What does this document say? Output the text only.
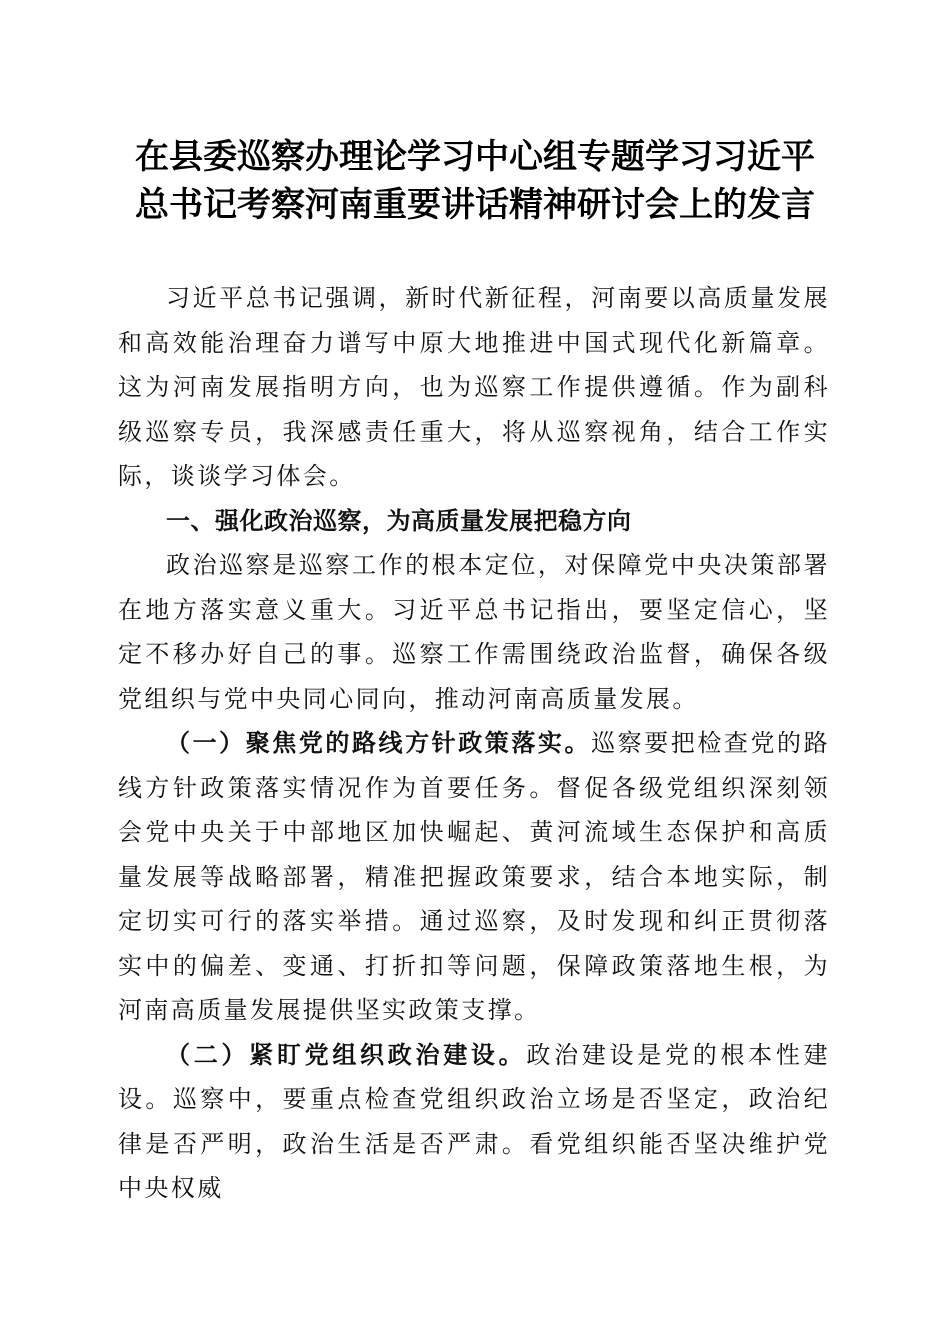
在县委巡察办理论学习中心组专题学习习近平
总书记考察河南重要讲话精神研讨会上的发言

习近平总书记强调，新时代新征程，河南要以高质量发展和高效能治理奋力谱写中原大地推进中国式现代化新篇章。这为河南发展指明方向，也为巡察工作提供遵循。作为副科级巡察专员，我深感责任重大，将从巡察视角，结合工作实际，谈谈学习体会。

一、强化政治巡察，为高质量发展把稳方向

政治巡察是巡察工作的根本定位，对保障党中央决策部署在地方落实意义重大。习近平总书记指出，要坚定信心，坚定不移办好自己的事。巡察工作需围绕政治监督，确保各级党组织与党中央同心同向，推动河南高质量发展。

（一）聚焦党的路线方针政策落实。巡察要把检查党的路线方针政策落实情况作为首要任务。督促各级党组织深刻领会党中央关于中部地区加快崛起、黄河流域生态保护和高质量发展等战略部署，精准把握政策要求，结合本地实际，制定切实可行的落实举措。通过巡察，及时发现和纠正贯彻落实中的偏差、变通、打折扣等问题，保障政策落地生根，为河南高质量发展提供坚实政策支撑。

（二）紧盯党组织政治建设。政治建设是党的根本性建设。巡察中，要重点检查党组织政治立场是否坚定，政治纪律是否严明，政治生活是否严肃。看党组织能否坚决维护党中央权威
